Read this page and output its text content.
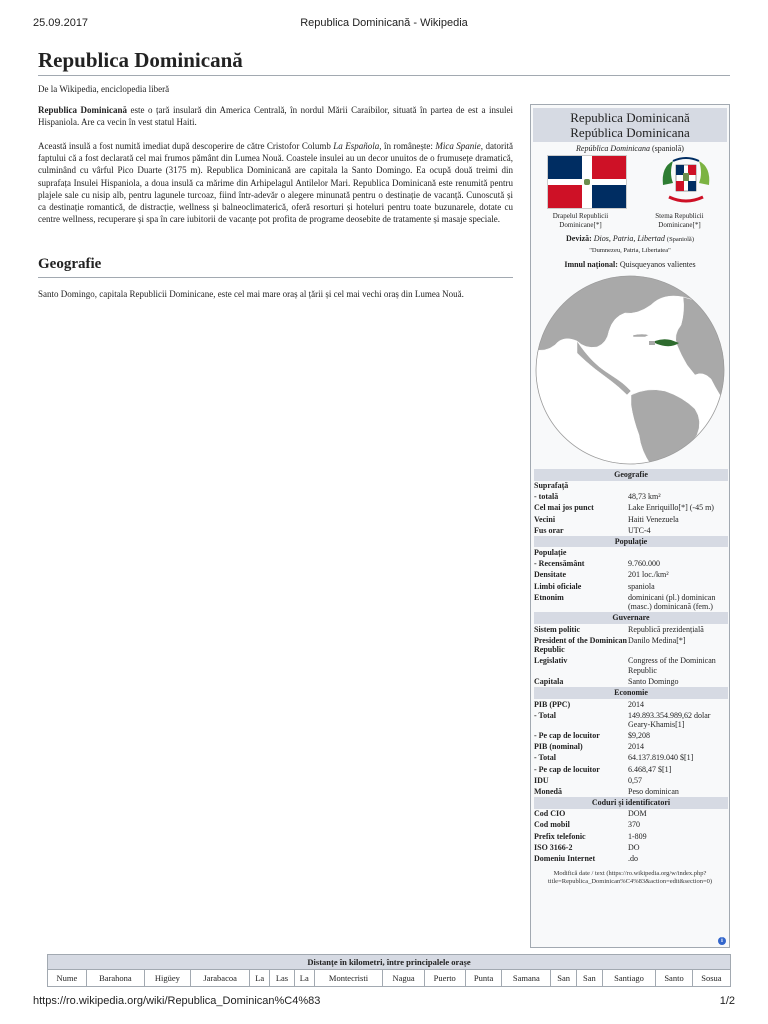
25.09.2017	Republica Dominicană - Wikipedia
Republica Dominicană
De la Wikipedia, enciclopedia liberă

Republica Dominicană este o țară insulară din America Centrală, în nordul Mării Caraibilor, situată în partea de est a insulei Hispaniola. Are ca vecin în vest statul Haiti.

Această insulă a fost numită imediat după descoperire de către Cristofor Columb La Española, în românește: Mica Spanie, datorită faptului că a fost declarată cel mai frumos pământ din Lumea Nouă. Coastele insulei au un decor unuitos de o frumusețe dramatică, culminând cu vârful Pico Duarte (3175 m). Republica Dominicană are capitala la Santo Domingo. Ea ocupă două treimi din suprafața Insulei Hispaniola, a doua insulă ca mărime din Arhipelagul Antilelor Mari. Republica Dominicană este renumită pentru plajele sale cu nisip alb, pentru lagunele turcoaz, fiind într-adevăr o alegere minunată pentru o destinație de vacanță. Cunoscută și ca destinație romantică, de distracție, wellness și balneoclimaterică, oferă resorturi și hoteluri pentru toate buzunarele, dotate cu centre wellness, recuperare și spa în care iubitorii de vacanțe pot profita de programe deosebite de tratamente și masaje speciale.

Geografie

Santo Domingo, capitala Republicii Dominicane, este cel mai mare oraș al țării și cel mai vechi oraș din Lumea Nouă.

Republica Dominicană
República Dominicana
República Dominicana (spaniolă)
Drapelul Republicii Dominicane[*]
Stema Republicii Dominicane[*]
Deviză: Dios, Patria, Libertad (Spaniolă)
"Dumnezeu, Patria, Libertatea"
Imnul național: Quisqueyanos valientes
Geografie	
Suprafață	
- totală	48,73 km²
Cel mai jos punct	Lake Enriquillo[*] (-45 m)
Vecini	Haiti Venezuela
Fus orar	UTC-4
Populație	
Populație	
- Recensământ	9.760.000
Densitate	201 loc./km²
Limbi oficiale	spaniola
Etnonim	dominicani (pl.) dominican (masc.) dominicană (fem.)
Guvernare	
Sistem politic	Republică prezidențială
President of the Dominican Republic	Danilo Medina[*]
Legislativ	Congress of the Dominican Republic
Capitala	Santo Domingo
Economie	
PIB (PPC)	2014
- Total	149.893.354.989,62 dolar Geary-Khamis[1]
- Pe cap de locuitor	$9,208
PIB (nominal)	2014
- Total	64.137.819.040 $[1]
- Pe cap de locuitor	6.468,47 $[1]
IDU	0,57
Monedă	Peso dominican
Coduri și identificatori	
Cod CIO	DOM
Cod mobil	370
Prefix telefonic	1-809
ISO 3166-2	DO
Domeniu Internet	.do
Modifică date / text (https://ro.wikipedia.org/w/index.php?title=Republica_Dominican%C4%83&action=edit&section=0)
i
Distanțe în kilometri, între principalele orașe
Nume	Barahona	Higüey	Jarabacoa	La	Las	La	Montecristi	Nagua	Puerto	Punta	Samana	San	San	Santiago	Santo	Sosua
https://ro.wikipedia.org/wiki/Republica_Dominican%C4%83	1/2
